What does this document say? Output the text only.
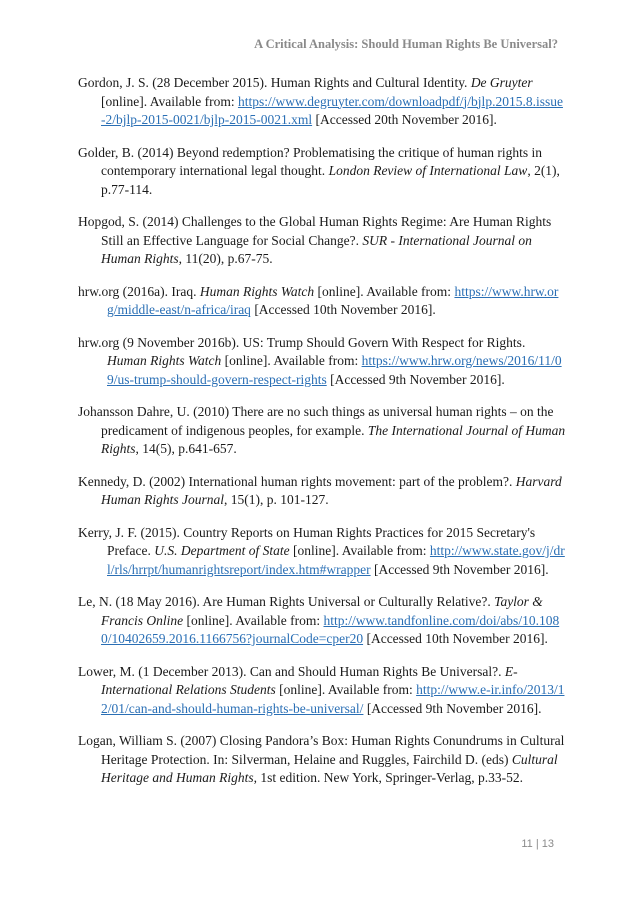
A Critical Analysis: Should Human Rights Be Universal?

Gordon, J. S. (28 December 2015). Human Rights and Cultural Identity. De Gruyter [online]. Available from: https://www.degruyter.com/downloadpdf/j/bjlp.2015.8.issue-2/bjlp-2015-0021/bjlp-2015-0021.xml [Accessed 20th November 2016].

Golder, B. (2014) Beyond redemption? Problematising the critique of human rights in contemporary international legal thought. London Review of International Law, 2(1), p.77-114.

Hopgod, S. (2014) Challenges to the Global Human Rights Regime: Are Human Rights Still an Effective Language for Social Change?. SUR - International Journal on Human Rights, 11(20), p.67-75.

hrw.org (2016a). Iraq. Human Rights Watch [online]. Available from: https://www.hrw.org/middle-east/n-africa/iraq [Accessed 10th November 2016].

hrw.org (9 November 2016b). US: Trump Should Govern With Respect for Rights. Human Rights Watch [online]. Available from: https://www.hrw.org/news/2016/11/09/us-trump-should-govern-respect-rights [Accessed 9th November 2016].

Johansson Dahre, U. (2010) There are no such things as universal human rights – on the predicament of indigenous peoples, for example. The International Journal of Human Rights, 14(5), p.641-657.

Kennedy, D. (2002) International human rights movement: part of the problem?. Harvard Human Rights Journal, 15(1), p. 101-127.

Kerry, J. F. (2015). Country Reports on Human Rights Practices for 2015 Secretary's Preface. U.S. Department of State [online]. Available from: http://www.state.gov/j/drl/rls/hrrpt/humanrightsreport/index.htm#wrapper [Accessed 9th November 2016].

Le, N. (18 May 2016). Are Human Rights Universal or Culturally Relative?. Taylor & Francis Online [online]. Available from: http://www.tandfonline.com/doi/abs/10.1080/10402659.2016.1166756?journalCode=cper20 [Accessed 10th November 2016].

Lower, M. (1 December 2013). Can and Should Human Rights Be Universal?. E-International Relations Students [online]. Available from: http://www.e-ir.info/2013/12/01/can-and-should-human-rights-be-universal/ [Accessed 9th November 2016].

Logan, William S. (2007) Closing Pandora’s Box: Human Rights Conundrums in Cultural Heritage Protection. In: Silverman, Helaine and Ruggles, Fairchild D. (eds) Cultural Heritage and Human Rights, 1st edition. New York, Springer-Verlag, p.33-52.

11 | 13
